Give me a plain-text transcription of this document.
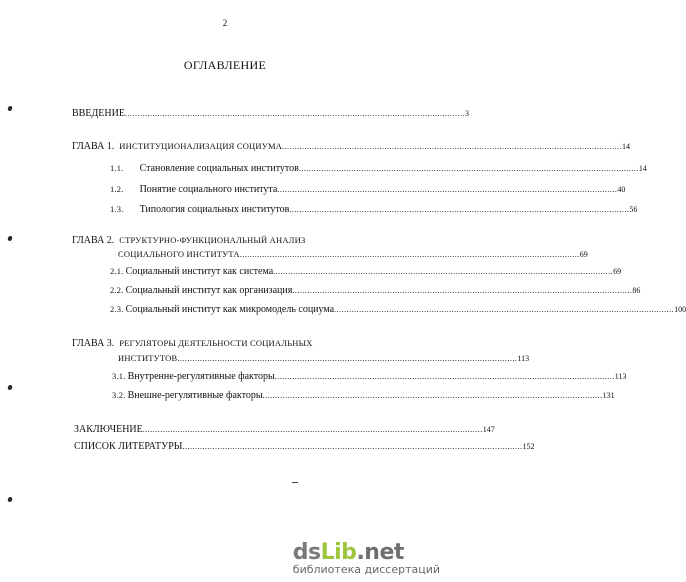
2
ОГЛАВЛЕНИЕ
ВВЕДЕНИЕ ........................................................................................................................................ 3
ГЛАВА 1. ИНСТИТУЦИОНАЛИЗАЦИЯ СОЦИУМА ........................................................................................................................................ 14
1.1. Становление социальных институтов ........................................................................................................................................ 14
1.2. Понятие социального института ........................................................................................................................................ 40
1.3. Типология социальных институтов ........................................................................................................................................ 56
ГЛАВА 2. СТРУКТУРНО-ФУНКЦИОНАЛЬНЫЙ АНАЛИЗ
СОЦИАЛЬНОГО ИНСТИТУТА ........................................................................................................................................ 69
2.1. Социальный институт как система ........................................................................................................................................ 69
2.2. Социальный институт как организация ........................................................................................................................................ 86
2.3. Социальный институт как микромодель социума ........................................................................................................................................ 100
ГЛАВА 3. РЕГУЛЯТОРЫ ДЕЯТЕЛЬНОСТИ СОЦИАЛЬНЫХ
ИНСТИТУТОВ ........................................................................................................................................ 113
3.1. Внутренне-регулятивные факторы ........................................................................................................................................ 113
3.2. Внешне-регулятивные факторы ........................................................................................................................................ 131
ЗАКЛЮЧЕНИЕ ........................................................................................................................................ 147
СПИСОК ЛИТЕРАТУРЫ ........................................................................................................................................ 152
dsLib.net
библиотека диссертаций
